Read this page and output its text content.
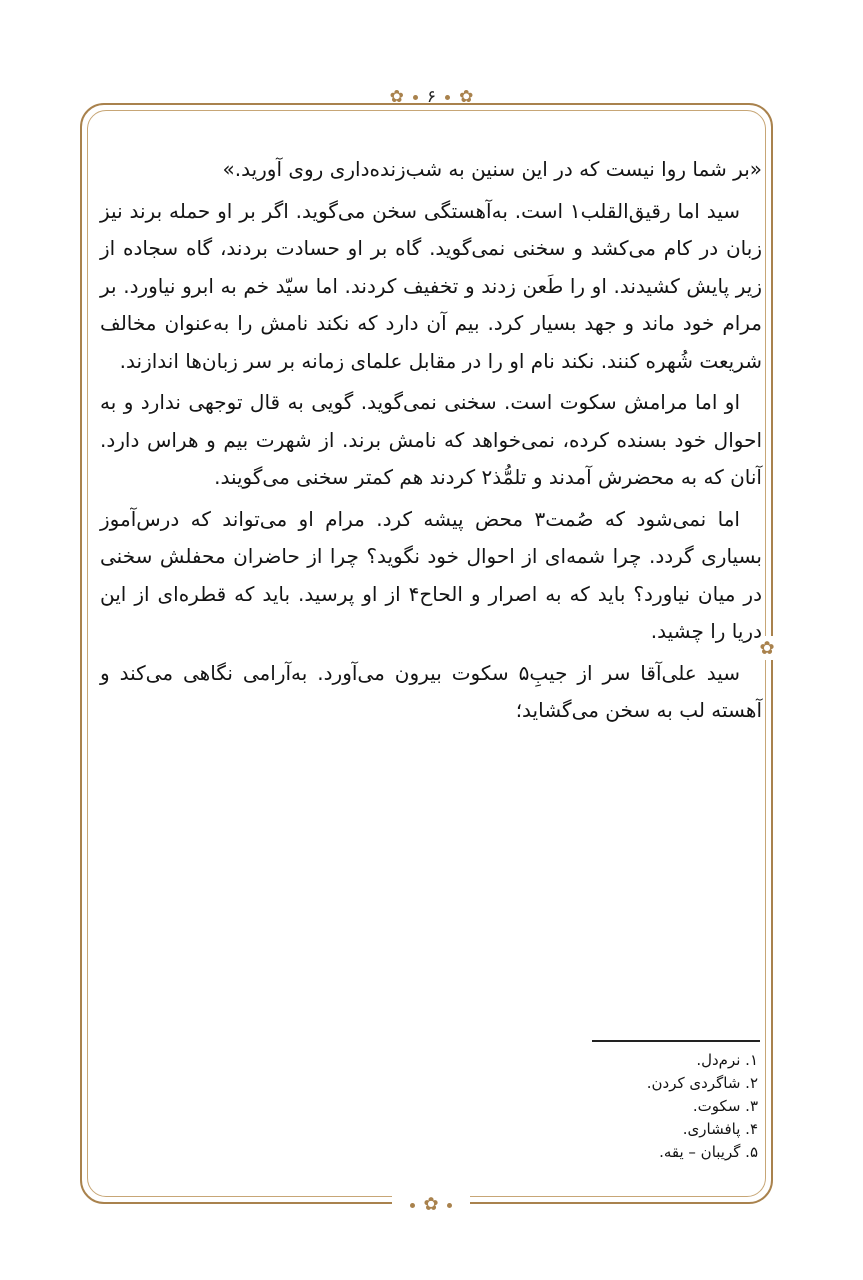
✿ ۶ ✿
✿
✿

«بر شما روا نیست که در این سنین به شب‌زنده‌داری روی آورید.»

سید اما رقیق‌القلب۱ است. به‌آهستگی سخن می‌گوید. اگر بر او حمله برند نیز زبان در کام می‌کشد و سخنی نمی‌گوید. گاه بر او حسادت بردند، گاه سجاده از زیر پایش کشیدند. او را طَعن زدند و تخفیف کردند. اما سیّد خم به ابرو نیاورد. بر مرام خود ماند و جهد بسیار کرد. بیم آن دارد که نکند نامش را به‌عنوان مخالف شریعت شُهره کنند. نکند نام او را در مقابل علمای زمانه بر سر زبان‌ها اندازند.

او اما مرامش سکوت است. سخنی نمی‌گوید. گویی به قال توجهی ندارد و به احوال خود بسنده کرده، نمی‌خواهد که نامش برند. از شهرت بیم و هراس دارد. آنان که به محضرش آمدند و تلمُّذ۲ کردند هم کمتر سخنی می‌گویند.

اما نمی‌شود که صُمت۳ محض پیشه کرد. مرام او می‌تواند که درس‌آموز بسیاری گردد. چرا شمه‌ای از احوال خود نگوید؟ چرا از حاضران محفلش سخنی در میان نیاورد؟ باید که به اصرار و الحاح۴ از او پرسید. باید که قطره‌ای از این دریا را چشید.

سید علی‌آقا سر از جیبِ۵ سکوت بیرون می‌آورد. به‌آرامی نگاهی می‌کند و آهسته لب به سخن می‌گشاید؛

۱. نرم‌دل.
۲. شاگردی کردن.
۳. سکوت.
۴. پافشاری.
۵. گریبان – یقه.
